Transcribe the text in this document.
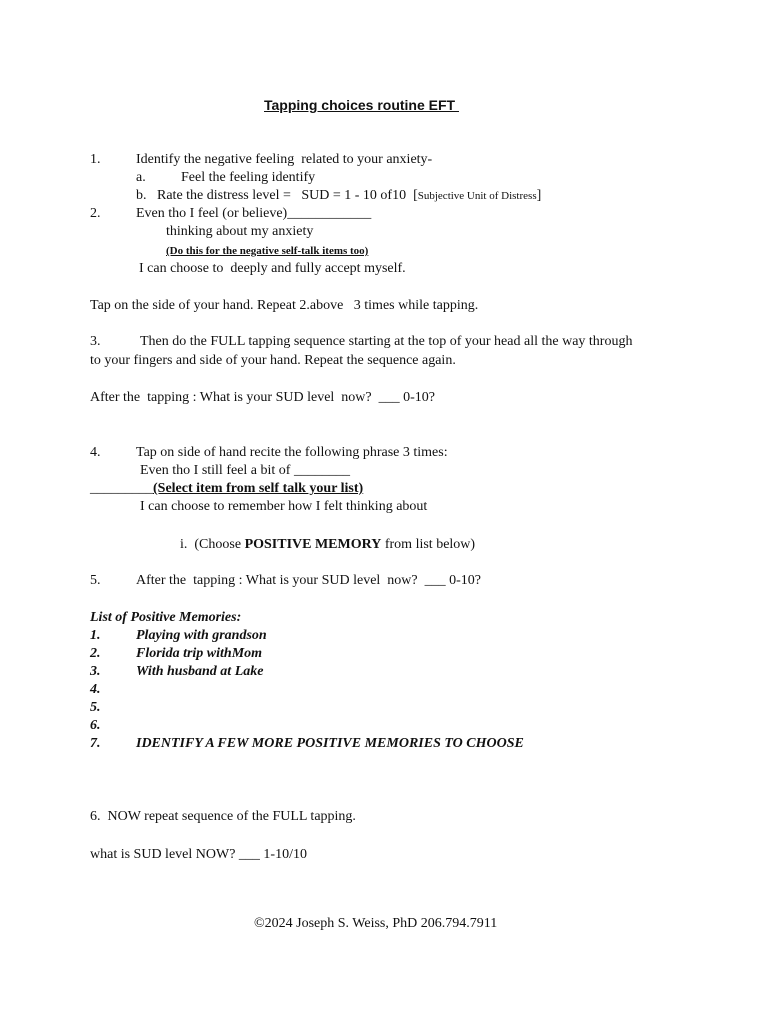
Tapping choices routine EFT
1.	Identify the negative feeling  related to your anxiety-
a.	Feel the feeling identify
b.   Rate the distress level =   SUD = 1 - 10 of10  [Subjective Unit of Distress]
2.	Even tho I feel (or believe)____________
thinking about my anxiety
(Do this for the negative self-talk items too)
I can choose to  deeply and fully accept myself.
Tap on the side of your hand. Repeat 2.above   3 times while tapping.
3.	Then do the FULL tapping sequence starting at the top of your head all the way through
to your fingers and side of your hand. Repeat the sequence again.
After the  tapping : What is your SUD level  now?  ___ 0-10?
4.	Tap on side of hand recite the following phrase 3 times:
Even tho I still feel a bit of ________
_________(Select item from self talk your list)
I can choose to remember how I felt thinking about
i.  (Choose POSITIVE MEMORY from list below)
5.	After the  tapping : What is your SUD level  now?  ___ 0-10?
List of Positive Memories:
1.	Playing with grandson
2.	Florida trip withMom
3.	With husband at Lake
4.
5.
6.
7.	IDENTIFY A FEW MORE POSITIVE MEMORIES TO CHOOSE
6.  NOW repeat sequence of the FULL tapping.
what is SUD level NOW? ___ 1-10/10
©2024 Joseph S. Weiss, PhD 206.794.7911
